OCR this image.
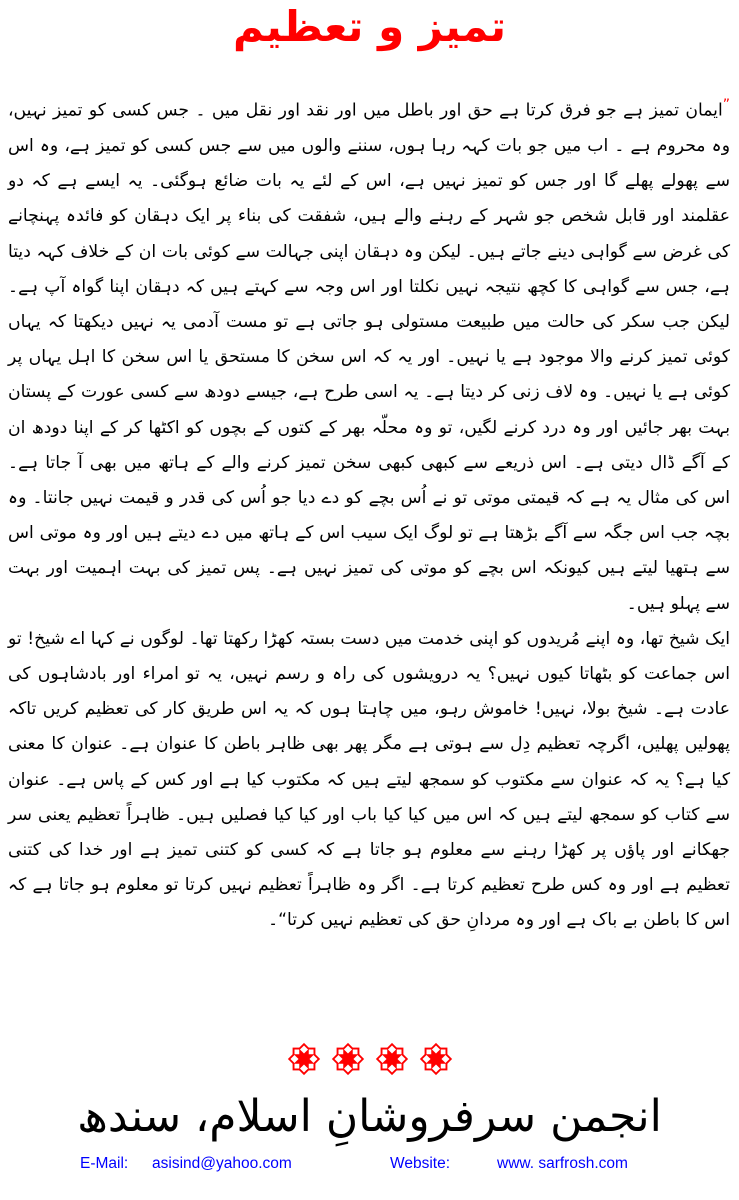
تمیز و تعظیم

”ایمان تمیز ہے جو فرق کرتا ہے حق اور باطل میں اور نقد اور نقل میں ۔ جس کسی کو تمیز نہیں، وہ محروم ہے ۔ اب میں جو بات کہہ رہا ہوں، سننے والوں میں سے جس کسی کو تمیز ہے، وہ اس سے پھولے پھلے گا اور جس کو تمیز نہیں ہے، اس کے لئے یہ بات ضائع ہوگئی۔ یہ ایسے ہے کہ دو عقلمند اور قابل شخص جو شہر کے رہنے والے ہیں، شفقت کی بناء پر ایک دہقان کو فائدہ پہنچانے کی غرض سے گواہی دینے جاتے ہیں۔ لیکن وہ دہقان اپنی جہالت سے کوئی بات ان کے خلاف کہہ دیتا ہے، جس سے گواہی کا کچھ نتیجہ نہیں نکلتا اور اس وجہ سے کہتے ہیں کہ دہقان اپنا گواہ آپ ہے۔ لیکن جب سکر کی حالت میں طبیعت مستولی ہو جاتی ہے تو مست آدمی یہ نہیں دیکھتا کہ یہاں کوئی تمیز کرنے والا موجود ہے یا نہیں۔ اور یہ کہ اس سخن کا مستحق یا اس سخن کا اہل یہاں پر کوئی ہے یا نہیں۔ وہ لاف زنی کر دیتا ہے۔ یہ اسی طرح ہے، جیسے دودھ سے کسی عورت کے پستان بہت بھر جائیں اور وہ درد کرنے لگیں، تو وہ محلّہ بھر کے کتوں کے بچوں کو اکٹھا کر کے اپنا دودھ ان کے آگے ڈال دیتی ہے۔ اس ذریعے سے کبھی کبھی سخن تمیز کرنے والے کے ہاتھ میں بھی آ جاتا ہے۔ اس کی مثال یہ ہے کہ قیمتی موتی تو نے اُس بچے کو دے دیا جو اُس کی قدر و قیمت نہیں جانتا۔ وہ بچہ جب اس جگہ سے آگے بڑھتا ہے تو لوگ ایک سیب اس کے ہاتھ میں دے دیتے ہیں اور وہ موتی اس سے ہتھیا لیتے ہیں کیونکہ اس بچے کو موتی کی تمیز نہیں ہے۔ پس تمیز کی بہت اہمیت اور بہت سے پہلو ہیں۔

ایک شیخ تھا، وہ اپنے مُریدوں کو اپنی خدمت میں دست بستہ کھڑا رکھتا تھا۔ لوگوں نے کہا اے شیخ! تو اس جماعت کو بٹھاتا کیوں نہیں؟ یہ درویشوں کی راہ و رسم نہیں، یہ تو امراء اور بادشاہوں کی عادت ہے۔ شیخ بولا، نہیں! خاموش رہو، میں چاہتا ہوں کہ یہ اس طریق کار کی تعظیم کریں تاکہ پھولیں پھلیں، اگرچہ تعظیم دِل سے ہوتی ہے مگر پھر بھی ظاہر باطن کا عنوان ہے۔ عنوان کا معنی کیا ہے؟ یہ کہ عنوان سے مکتوب کو سمجھ لیتے ہیں کہ مکتوب کیا ہے اور کس کے پاس ہے۔ عنوان سے کتاب کو سمجھ لیتے ہیں کہ اس میں کیا کیا باب اور کیا کیا فصلیں ہیں۔ ظاہراً تعظیم یعنی سر جھکانے اور پاؤں پر کھڑا رہنے سے معلوم ہو جاتا ہے کہ کسی کو کتنی تمیز ہے اور خدا کی کتنی تعظیم ہے اور وہ کس طرح تعظیم کرتا ہے۔ اگر وہ ظاہراً تعظیم نہیں کرتا تو معلوم ہو جاتا ہے کہ اس کا باطن بے باک ہے اور وہ مردانِ حق کی تعظیم نہیں کرتا“۔

انجمن سرفروشانِ اسلام، سندھ
E-Mail: asisind@yahoo.com	Website:	www. sarfrosh.com
